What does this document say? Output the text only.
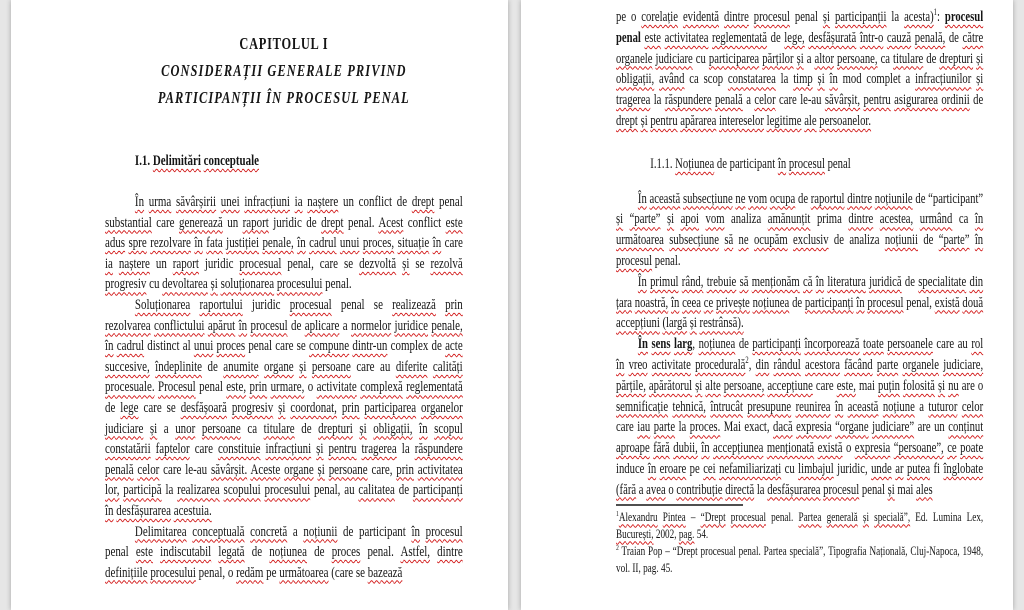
CAPITOLUL I
CONSIDERAȚII GENERALE PRIVIND
PARTICIPANȚII ÎN PROCESUL PENAL
I.1. Delimitări conceptuale
În urma săvârșirii unei infracțiuni ia naștere un conflict de drept penal substantial care generează un raport juridic de drept penal. Acest conflict este adus spre rezolvare în fata justiției penale, în cadrul unui proces, situație în care ia naștere un raport juridic procesual penal, care se dezvoltă și se rezolvă progresiv cu devoltarea și soluționarea procesului penal.
Soluționarea raportului juridic procesual penal se realizează prin rezolvarea conflictului apărut în procesul de aplicare a normelor juridice penale, în cadrul distinct al unui proces penal care se compune dintr-un complex de acte succesive, îndeplinite de anumite organe și persoane care au diferite calități procesuale. Procesul penal este, prin urmare, o activitate complexă reglementată de lege care se desfășoară progresiv și coordonat, prin participarea organelor judiciare și a unor persoane ca titulare de drepturi și obligații, în scopul constatării faptelor care constituie infracțiuni și pentru tragerea la răspundere penală celor care le-au săvârșit. Aceste organe și persoane care, prin activitatea lor, participă la realizarea scopului procesului penal, au calitatea de participanți în desfășurarea acestuia.
Delimitarea conceptuală concretă a noțiunii de participant în procesul penal este indiscutabil legată de noțiunea de proces penal. Astfel, dintre definițiile procesului penal, o redăm pe următoarea (care se bazează
pe o corelație evidentă dintre procesul penal și participanții la acesta)$^1$: procesul penal este activitatea reglementată de lege, desfășurată într-o cauză penală, de către organele judiciare cu participarea părților și a altor persoane, ca titulare de drepturi și obligații, având ca scop constatarea la timp și în mod complet a infracțiunilor și tragerea la răspundere penală a celor care le-au săvârșit, pentru asigurarea ordinii de drept și pentru apărarea intereselor legitime ale persoanelor.
I.1.1. Noțiunea de participant în procesul penal
În această subsecțiune ne vom ocupa de raportul dintre noțiunile de “participant” și “parte” și apoi vom analiza amănunțit prima dintre acestea, urmând ca în următoarea subsecțiune să ne ocupăm exclusiv de analiza noțiunii de “parte” în procesul penal.
În primul rând, trebuie să menționăm că în literatura juridică de specialitate din țara noastră, în ceea ce privește noțiunea de participanți în procesul penal, există două accepțiuni (largă și restrânsă).
În sens larg, noțiunea de participanți încorporează toate persoanele care au rol în vreo activitate procedurală$^2$, din rândul acestora făcând parte organele judiciare, părțile, apărătorul și alte persoane, accepțiune care este, mai puțin folosită și nu are o semnificație tehnică, întrucât presupune reunirea în această noțiune a tuturor celor care iau parte la proces. Mai exact, dacă expresia “organe judiciare” are un conținut aproape fără dubii, în accepțiunea menționată există o expresia “persoane”, ce poate induce în eroare pe cei nefamiliarizați cu limbajul juridic, unde ar putea fi înglobate (fără a avea o contribuție directă la desfășurarea procesul penal și mai ales
$^1$Alexandru Pintea – “Drept procesual penal. Partea generală și specială”, Ed. Lumina Lex, București, 2002, pag. 54.
$^2$ Traian Pop – “Drept procesual penal. Partea specială”, Tipografia Națională, Cluj-Napoca, 1948, vol. II, pag. 45.
